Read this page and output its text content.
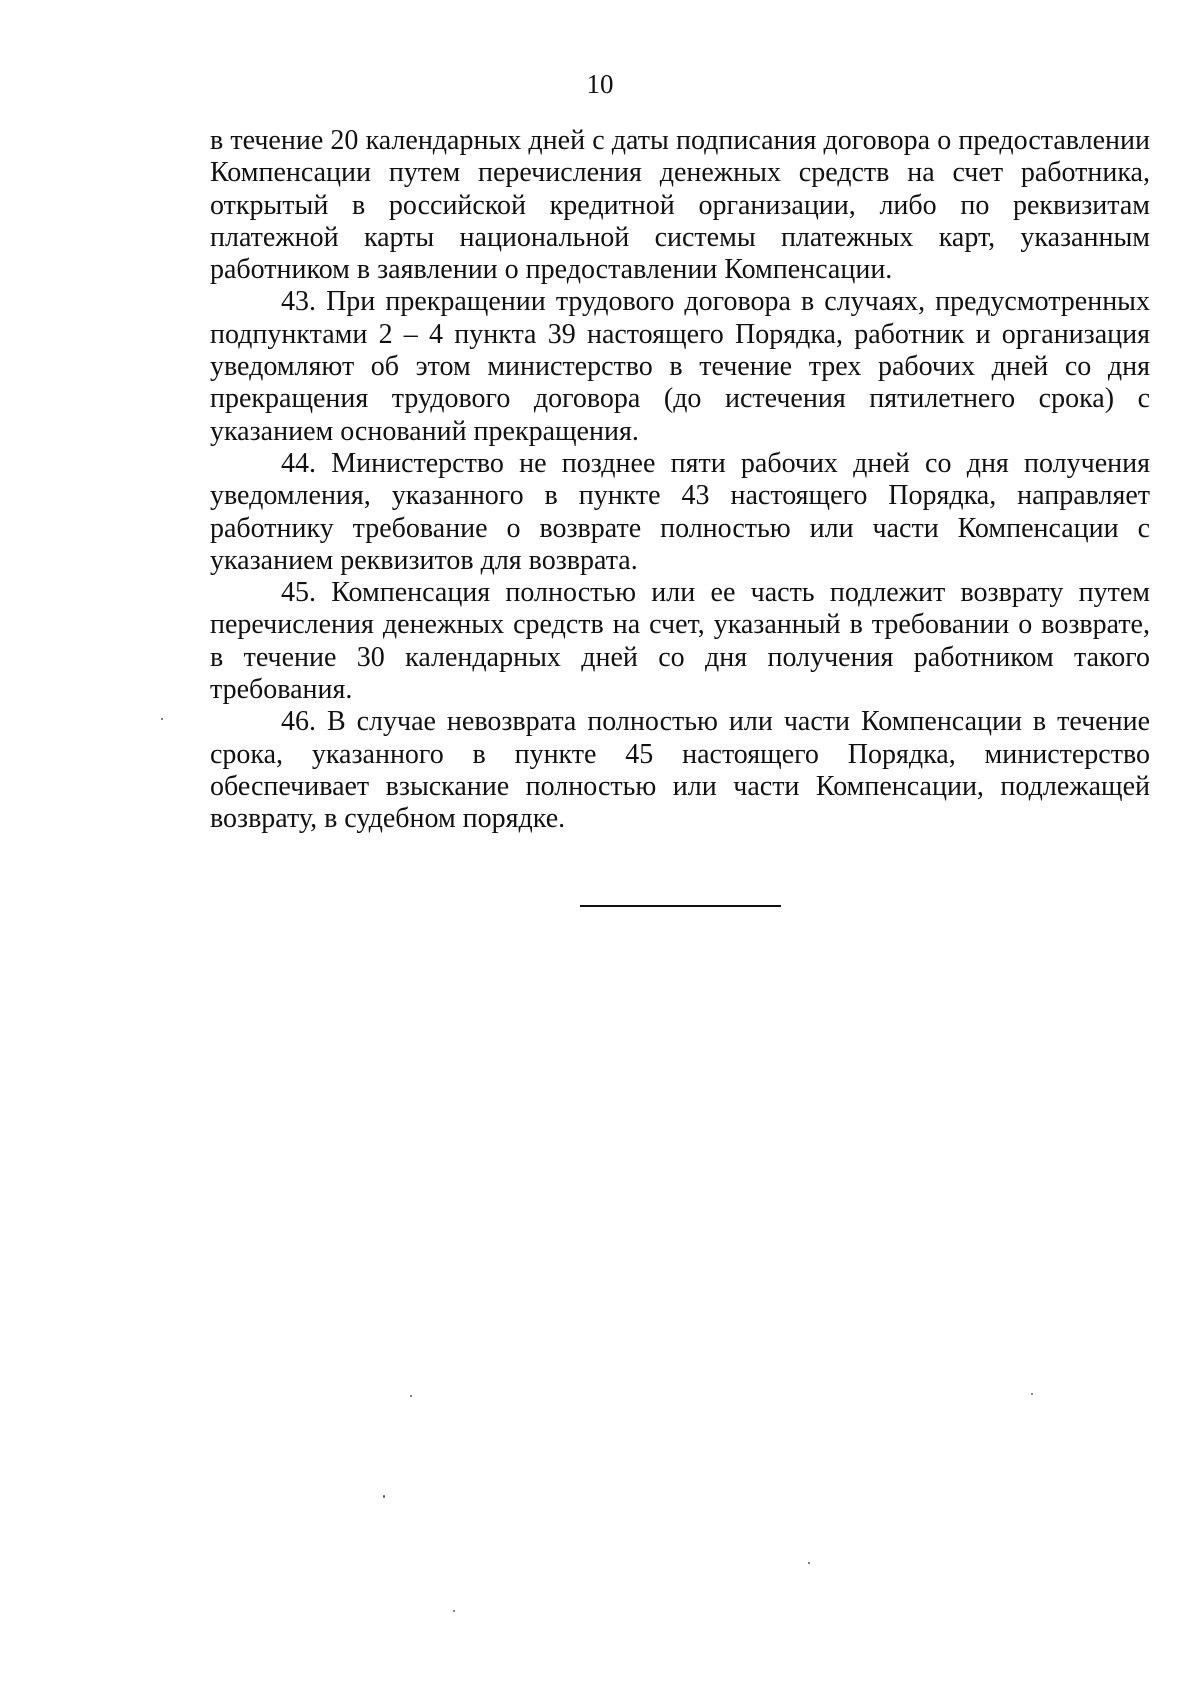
10

в течение 20 календарных дней с даты подписания договора о предоставлении Компенсации путем перечисления денежных средств на счет работника, открытый в российской кредитной организации, либо по реквизитам платежной карты национальной системы платежных карт, указанным работником в заявлении о предоставлении Компенсации.

43. При прекращении трудового договора в случаях, предусмотренных подпунктами 2 – 4 пункта 39 настоящего Порядка, работник и организация уведомляют об этом министерство в течение трех рабочих дней со дня прекращения трудового договора (до истечения пятилетнего срока) с указанием оснований прекращения.

44. Министерство не позднее пяти рабочих дней со дня получения уведомления, указанного в пункте 43 настоящего Порядка, направляет работнику требование о возврате полностью или части Компенсации с указанием реквизитов для возврата.

45. Компенсация полностью или ее часть подлежит возврату путем перечисления денежных средств на счет, указанный в требовании о возврате, в течение 30 календарных дней со дня получения работником такого требования.

46. В случае невозврата полностью или части Компенсации в течение срока, указанного в пункте 45 настоящего Порядка, министерство обеспечивает взыскание полностью или части Компенсации, подлежащей возврату, в судебном порядке.
